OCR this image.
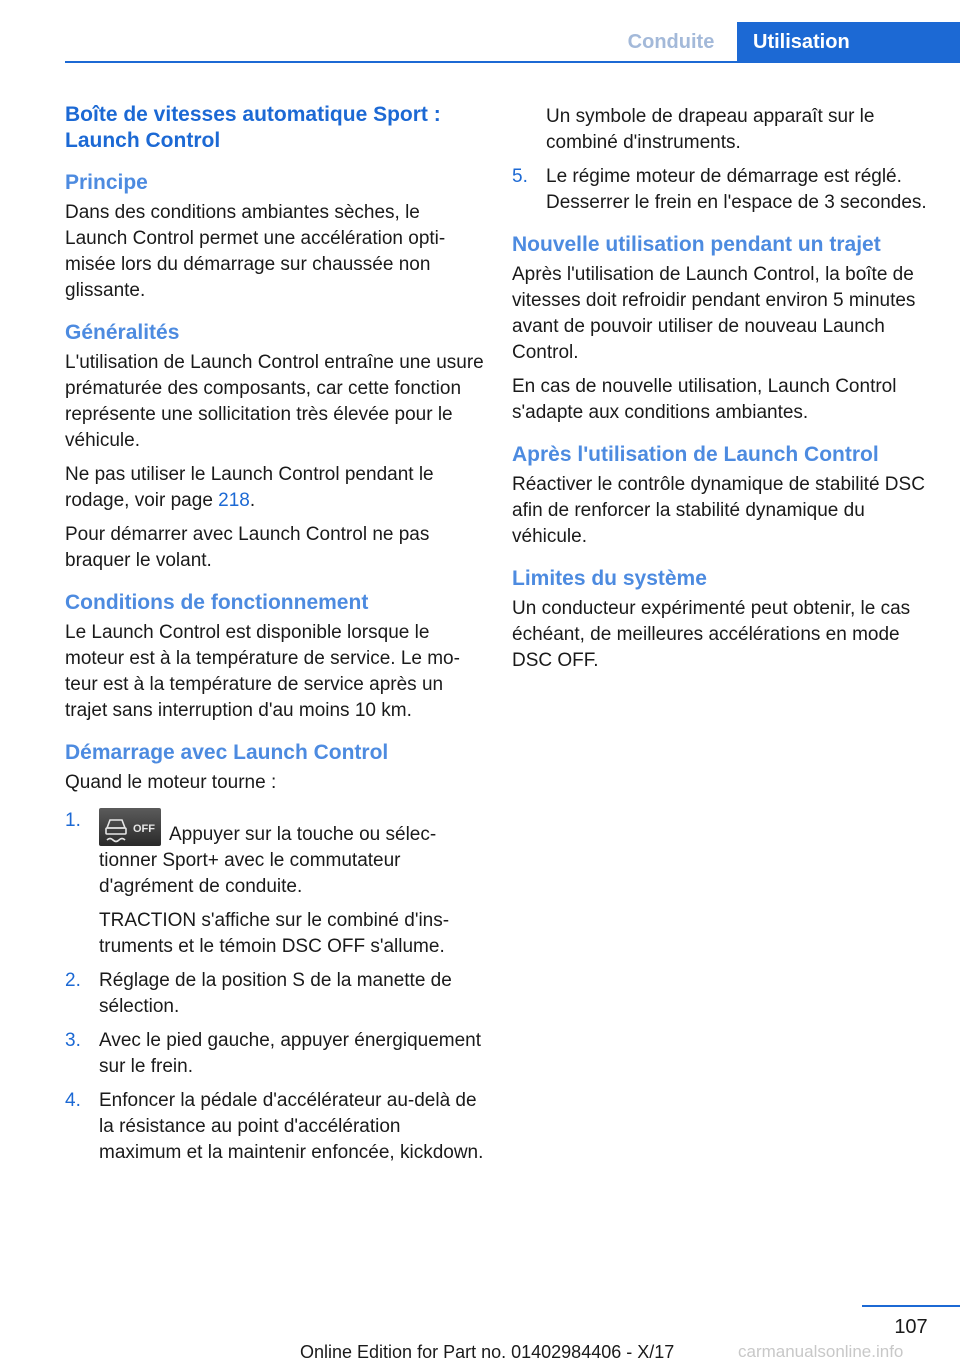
Conduite	Utilisation
Boîte de vitesses automatique Sport : Launch Control
Principe

Dans des conditions ambiantes sèches, le Launch Control permet une accélération optimisée lors du démarrage sur chaussée non glissante.

Généralités

L'utilisation de Launch Control entraîne une usure prématurée des composants, car cette fonction représente une sollicitation très élevée pour le véhicule.

Ne pas utiliser le Launch Control pendant le rodage, voir page 218.

Pour démarrer avec Launch Control ne pas braquer le volant.

Conditions de fonctionnement

Le Launch Control est disponible lorsque le moteur est à la température de service. Le moteur est à la température de service après un trajet sans interruption d'au moins 10 km.

Démarrage avec Launch Control

Quand le moteur tourne :

1.	OFF Appuyer sur la touche ou sélectionner Sport+ avec le commutateur d'agrément de conduite.
TRACTION s'affiche sur le combiné d'instruments et le témoin DSC OFF s'allume.
2. Réglage de la position S de la manette de sélection.
3. Avec le pied gauche, appuyer énergiquement sur le frein.
4. Enfoncer la pédale d'accélérateur au-delà de la résistance au point d'accélération maximum et la maintenir enfoncée, kickdown.
Un symbole de drapeau apparaît sur le combiné d'instruments.
5. Le régime moteur de démarrage est réglé. Desserrer le frein en l'espace de 3 secondes.
Nouvelle utilisation pendant un trajet

Après l'utilisation de Launch Control, la boîte de vitesses doit refroidir pendant environ 5 minutes avant de pouvoir utiliser de nouveau Launch Control.

En cas de nouvelle utilisation, Launch Control s'adapte aux conditions ambiantes.

Après l'utilisation de Launch Control

Réactiver le contrôle dynamique de stabilité DSC afin de renforcer la stabilité dynamique du véhicule.

Limites du système

Un conducteur expérimenté peut obtenir, le cas échéant, de meilleures accélérations en mode DSC OFF.

107
Online Edition for Part no. 01402984406 - X/17	carmanualsonline.info
